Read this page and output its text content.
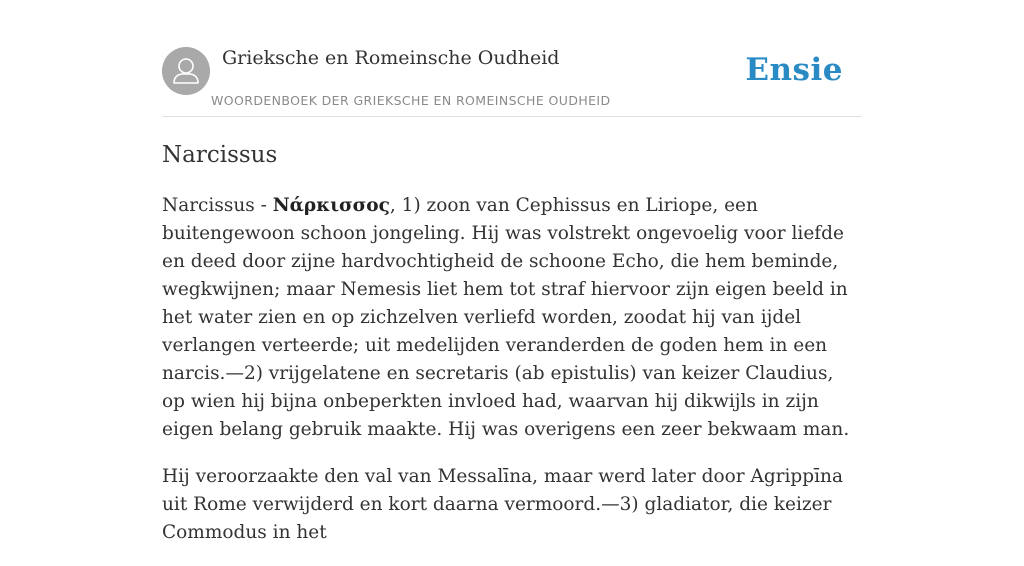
Grieksche en Romeinsche Oudheid
WOORDENBOEK DER GRIEKSCHE EN ROMEINSCHE OUDHEID
Ensie
Narcissus

Narcissus - Νάρκισσος, 1) zoon van Cephissus en Liriope, een buitengewoon schoon jongeling. Hij was volstrekt ongevoelig voor liefde en deed door zijne hardvochtigheid de schoone Echo, die hem beminde, wegkwijnen; maar Nemesis liet hem tot straf hiervoor zijn eigen beeld in het water zien en op zichzelven verliefd worden, zoodat hij van ijdel verlangen verteerde; uit medelijden veranderden de goden hem in een narcis.—2) vrijgelatene en secretaris (ab epistulis) van keizer Claudius, op wien hij bijna onbeperkten invloed had, waarvan hij dikwijls in zijn eigen belang gebruik maakte. Hij was overigens een zeer bekwaam man.

Hij veroorzaakte den val van Messalīna, maar werd later door Agrippīna uit Rome verwijderd en kort daarna vermoord.—3) gladiator, die keizer Commodus in het
